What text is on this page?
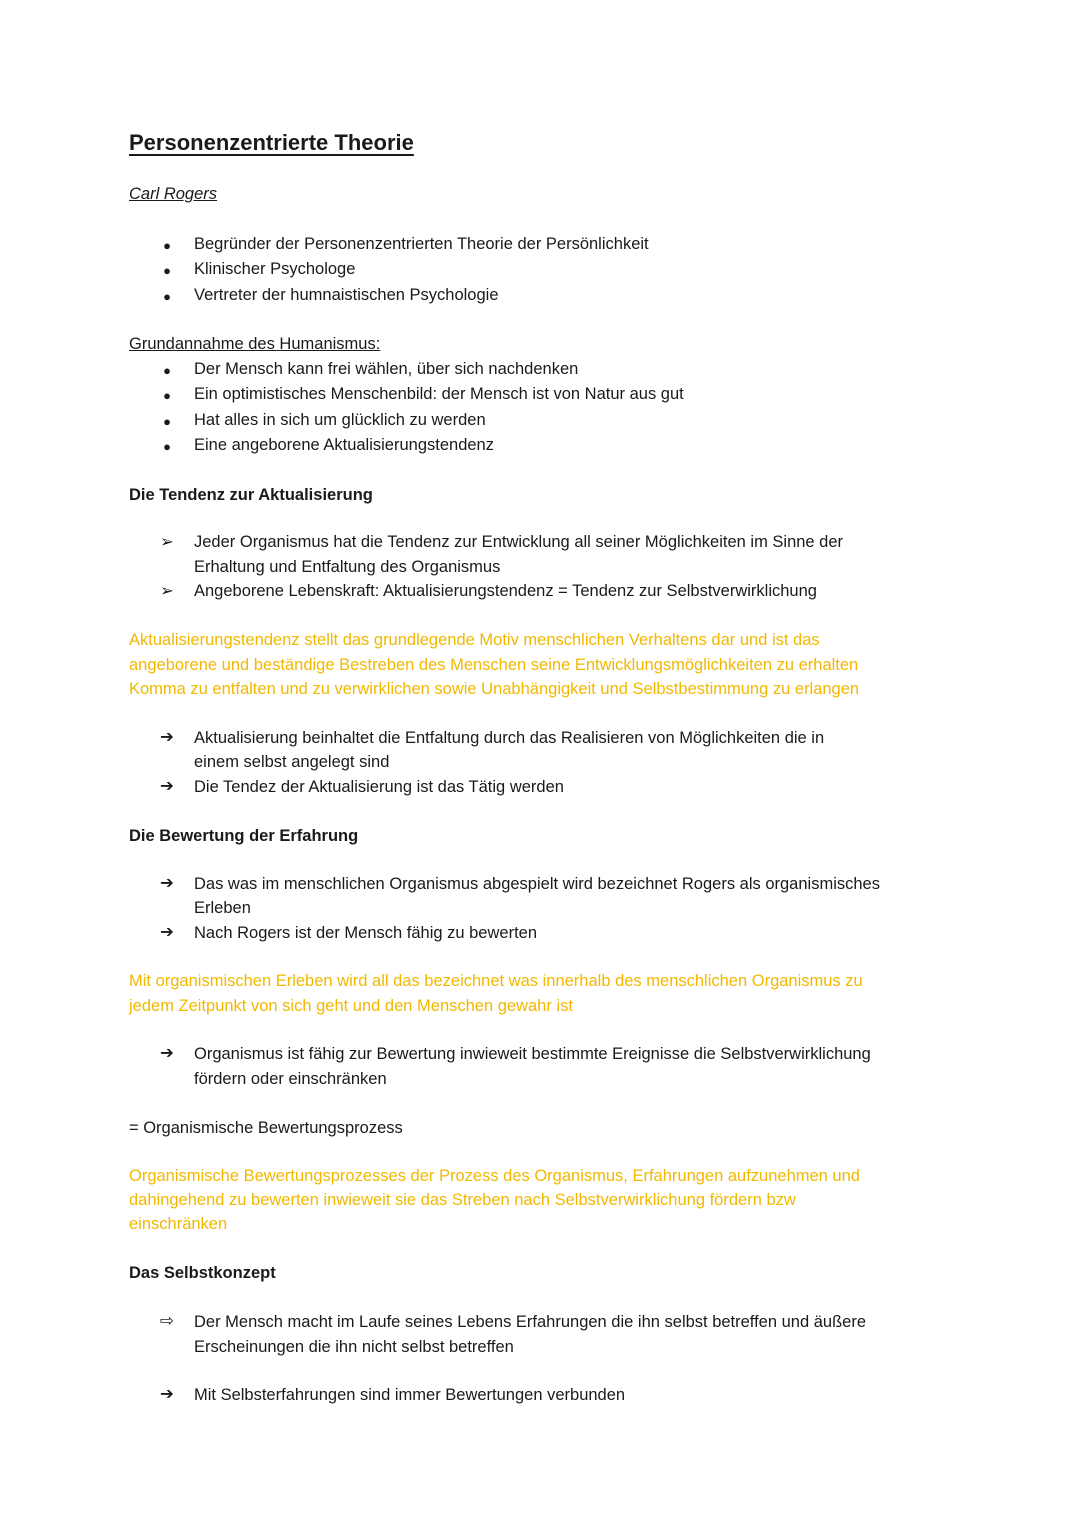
Personenzentrierte Theorie
Carl Rogers
● Begründer der Personenzentrierten Theorie der Persönlichkeit
● Klinischer Psychologe
● Vertreter der humnaistischen Psychologie
Grundannahme des Humanismus:
● Der Mensch kann frei wählen, über sich nachdenken
● Ein optimistisches Menschenbild: der Mensch ist von Natur aus gut
● Hat alles in sich um glücklich zu werden
● Eine angeborene Aktualisierungstendenz
Die Tendenz zur Aktualisierung
➢	Jeder Organismus hat die Tendenz zur Entwicklung all seiner Möglichkeiten im Sinne der
Erhaltung und Entfaltung des Organismus
➢	Angeborene Lebenskraft: Aktualisierungstendenz = Tendenz zur Selbstverwirklichung
Aktualisierungstendenz stellt das grundlegende Motiv menschlichen Verhaltens dar und ist das
angeborene und beständige Bestreben des Menschen seine Entwicklungsmöglichkeiten zu erhalten
Komma zu entfalten und zu verwirklichen sowie Unabhängigkeit und Selbstbestimmung zu erlangen
➔	Aktualisierung beinhaltet die Entfaltung durch das Realisieren von Möglichkeiten die in
einem selbst angelegt sind
➔	Die Tendez der Aktualisierung ist das Tätig werden
Die Bewertung der Erfahrung
➔	Das was im menschlichen Organismus abgespielt wird bezeichnet Rogers als organismisches
Erleben
➔	Nach Rogers ist der Mensch fähig zu bewerten
Mit organismischen Erleben wird all das bezeichnet was innerhalb des menschlichen Organismus zu
jedem Zeitpunkt von sich geht und den Menschen gewahr ist
➔	Organismus ist fähig zur Bewertung inwieweit bestimmte Ereignisse die Selbstverwirklichung
fördern oder einschränken
= Organismische Bewertungsprozess
Organismische Bewertungsprozesses der Prozess des Organismus, Erfahrungen aufzunehmen und
dahingehend zu bewerten inwieweit sie das Streben nach Selbstverwirklichung fördern bzw
einschränken
Das Selbstkonzept
⇨	Der Mensch macht im Laufe seines Lebens Erfahrungen die ihn selbst betreffen und äußere
Erscheinungen die ihn nicht selbst betreffen
➔	Mit Selbsterfahrungen sind immer Bewertungen verbunden
